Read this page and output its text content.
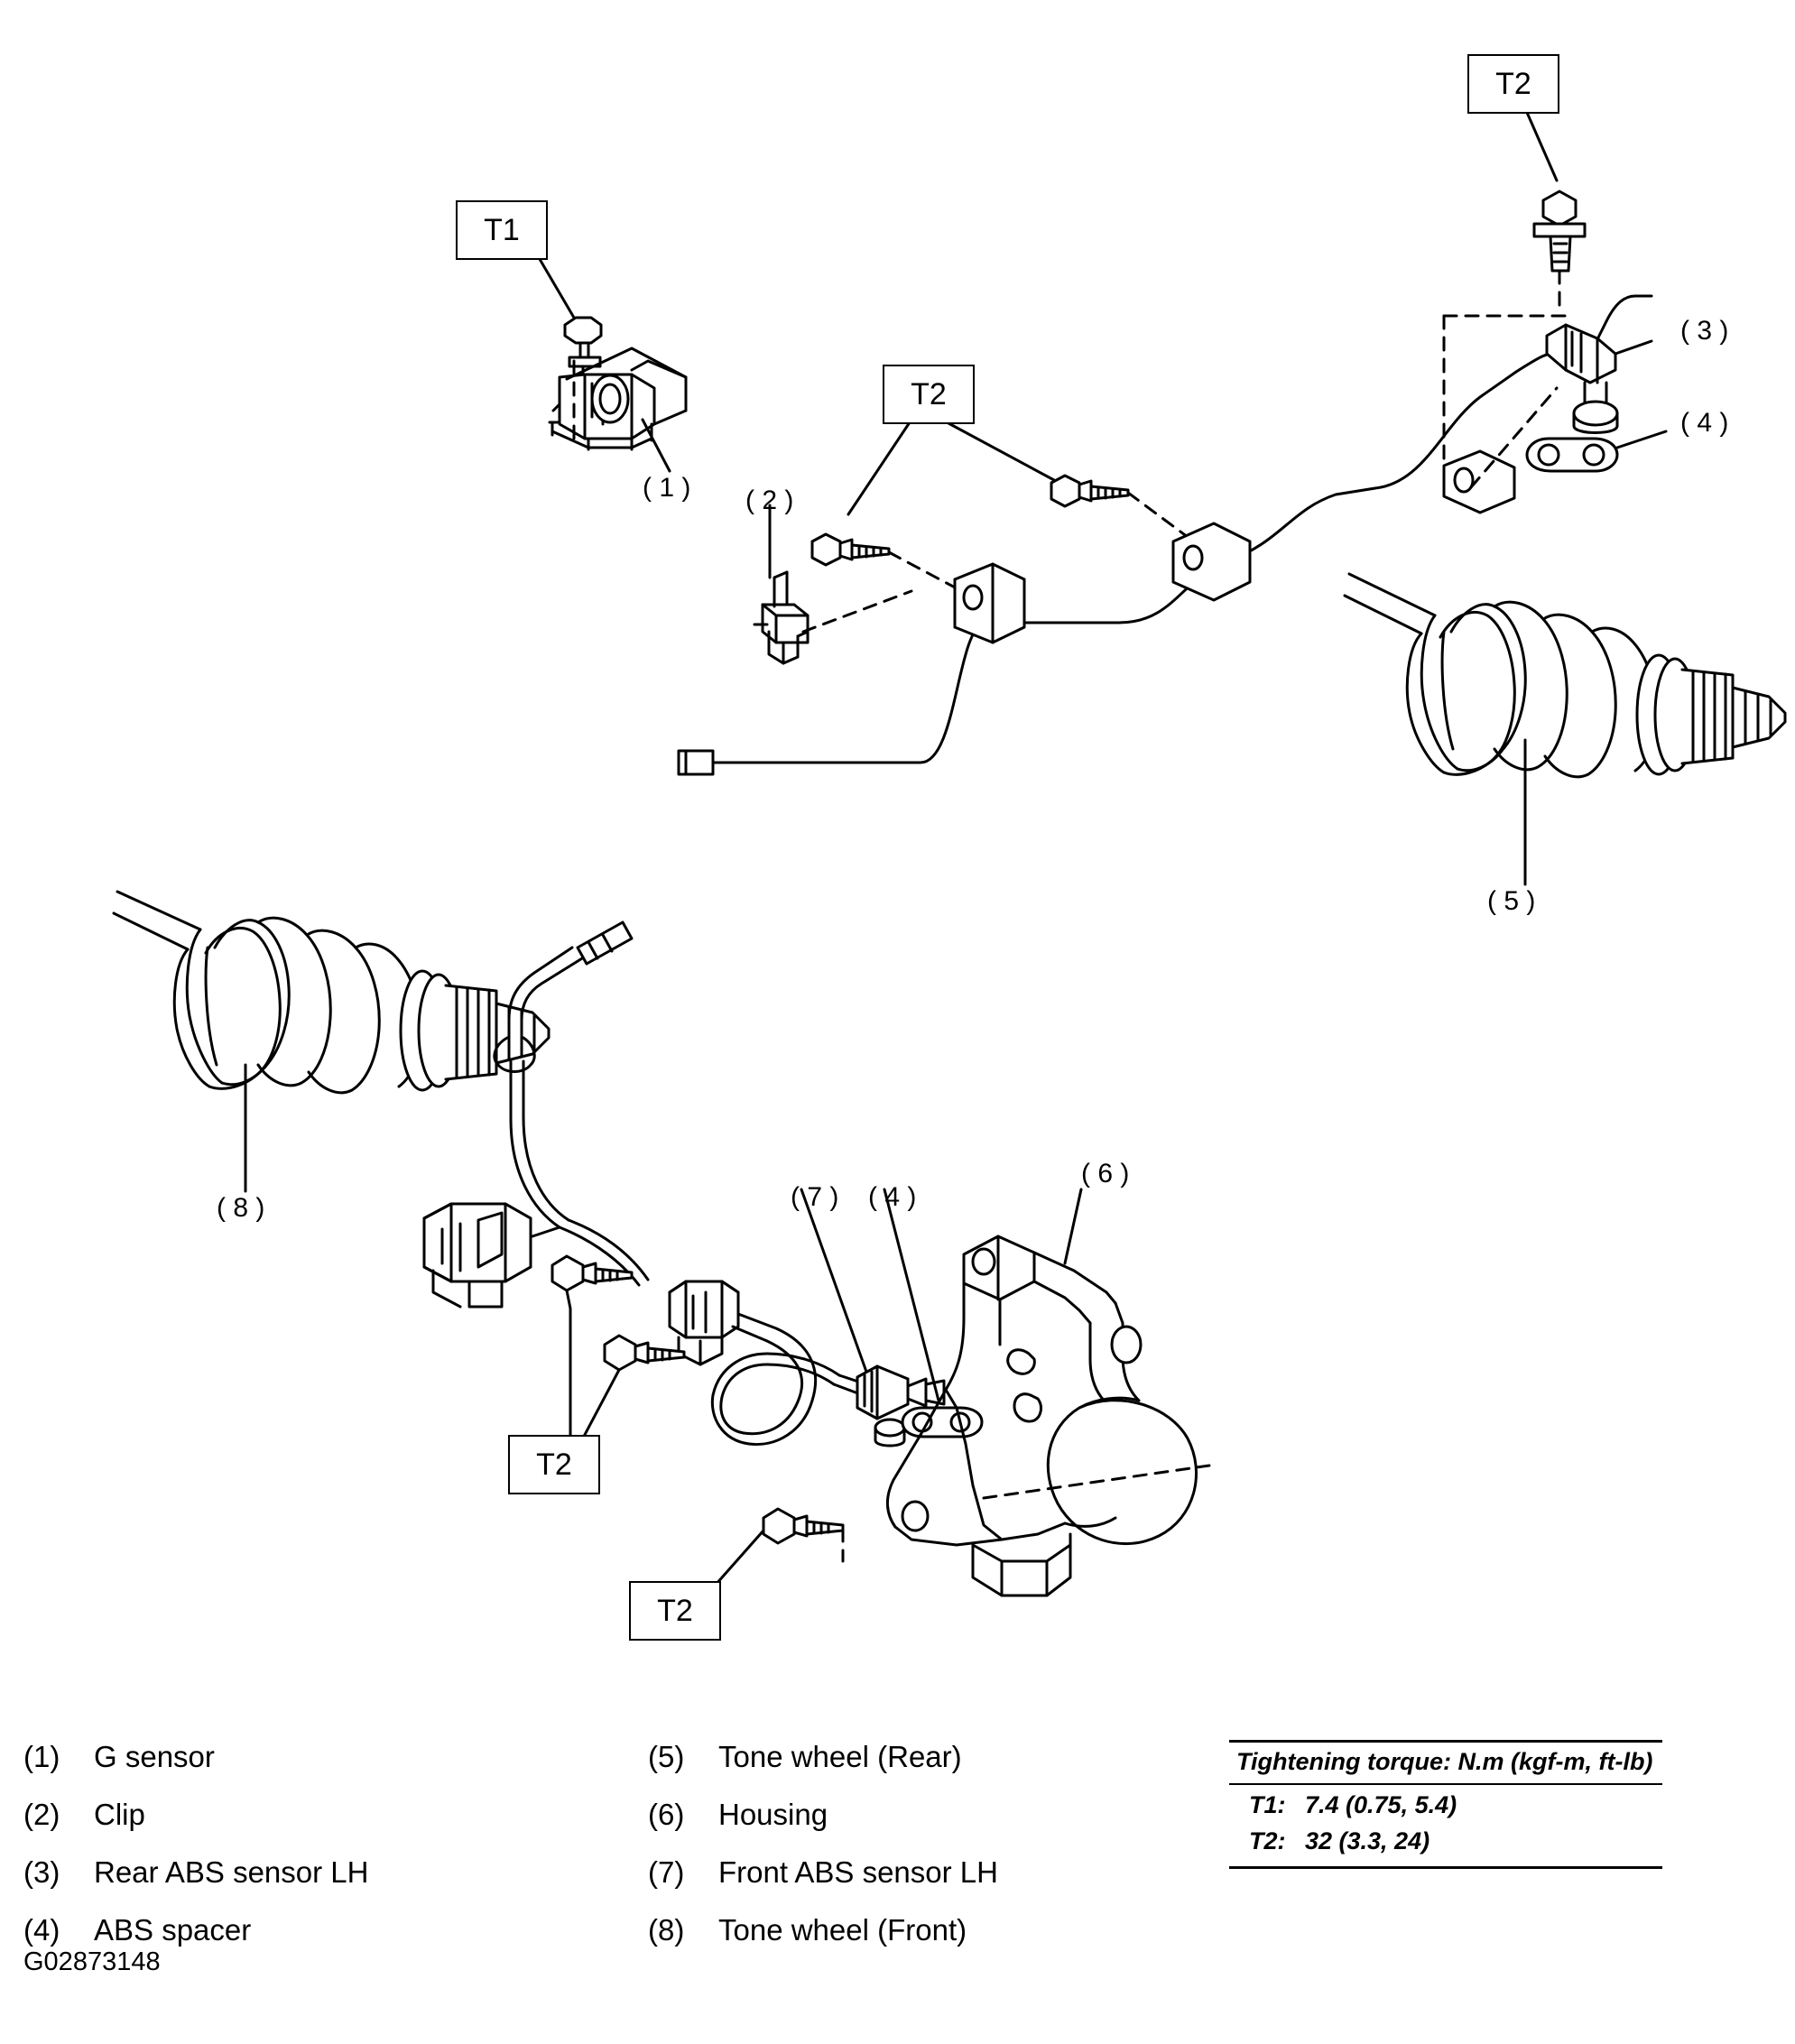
T1
T2
T2
T2
T2
( 1 ) ( 2 )
( 3 )
( 4 )
( 5 )
( 6 )
( 7 ) ( 4 )
( 8 )
(1)	G sensor
(2)	Clip
(3)	Rear ABS sensor LH
(4)	ABS spacer
(5)	Tone wheel (Rear)
(6)	Housing
(7)	Front ABS sensor LH
(8)	Tone wheel (Front)
G02873148
Tightening torque: N.m (kgf-m, ft-lb)
T1: 7.4 (0.75, 5.4)
T2: 32 (3.3, 24)
